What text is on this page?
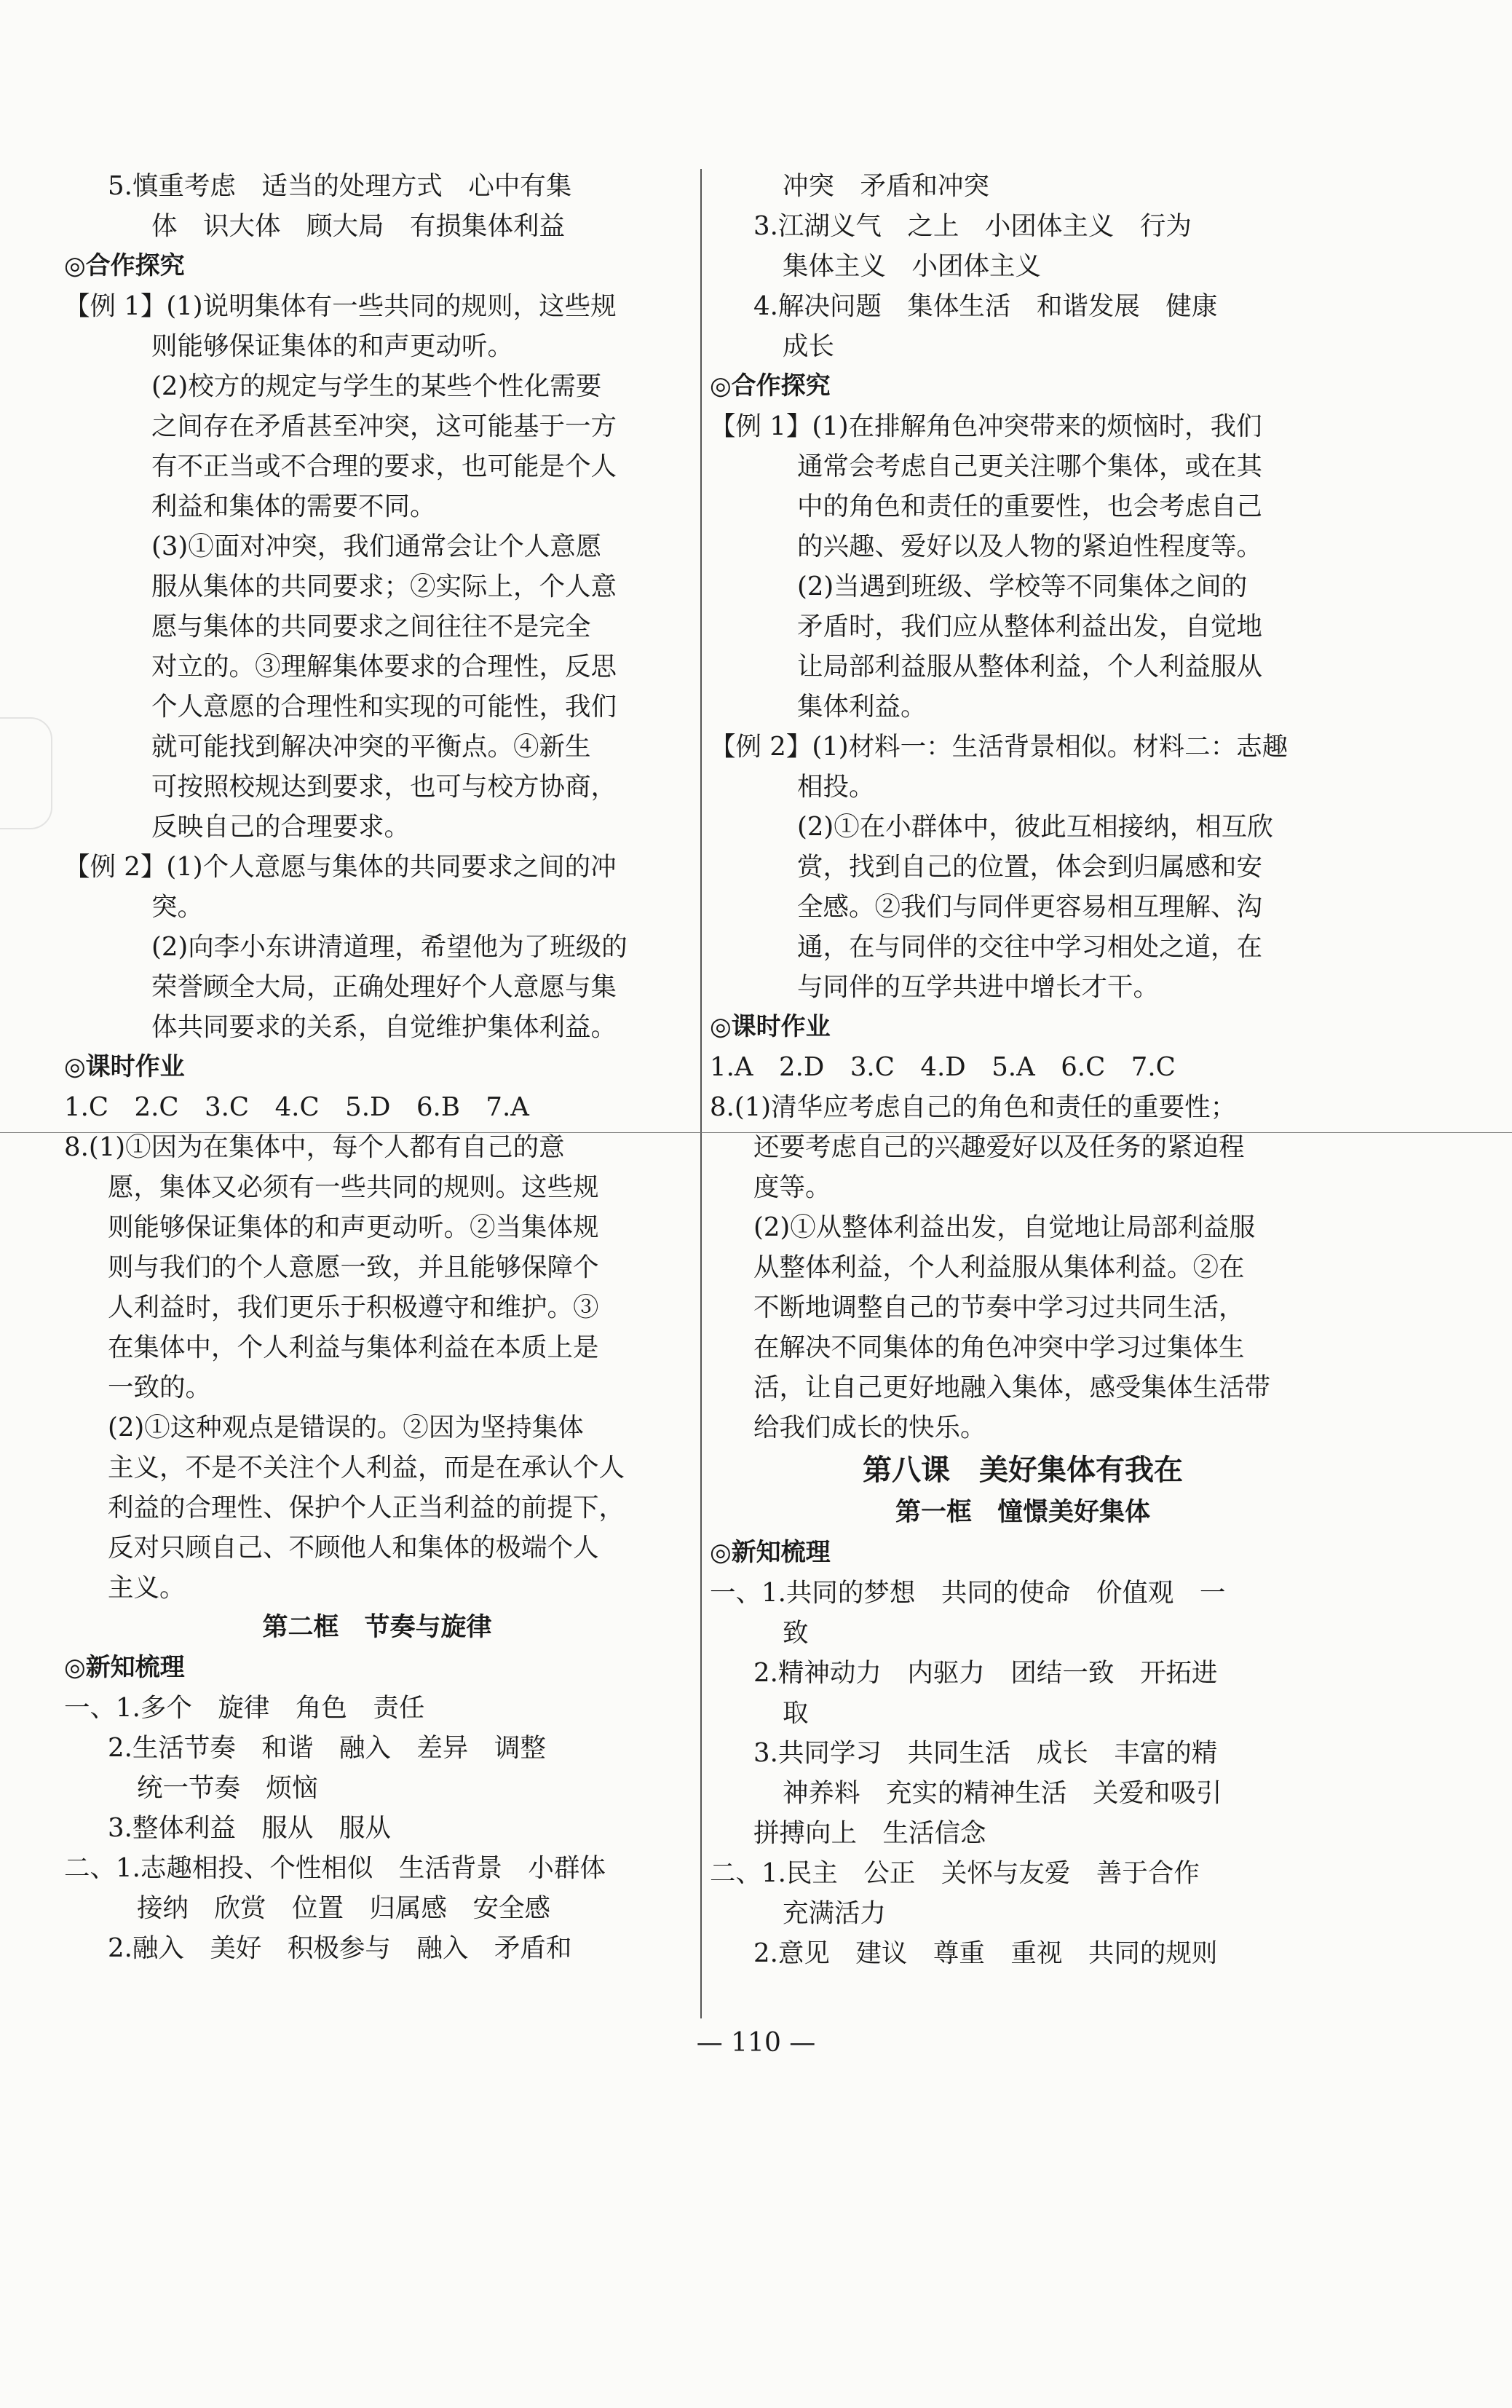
5.慎重考虑　适当的处理方式　心中有集
体　识大体　顾大局　有损集体利益

◎合作探究

【例 1】(1)说明集体有一些共同的规则，这些规
则能够保证集体的和声更动听。
(2)校方的规定与学生的某些个性化需要
之间存在矛盾甚至冲突，这可能基于一方
有不正当或不合理的要求，也可能是个人
利益和集体的需要不同。
(3)①面对冲突，我们通常会让个人意愿
服从集体的共同要求；②实际上，个人意
愿与集体的共同要求之间往往不是完全
对立的。③理解集体要求的合理性，反思
个人意愿的合理性和实现的可能性，我们
就可能找到解决冲突的平衡点。④新生
可按照校规达到要求，也可与校方协商，
反映自己的合理要求。
【例 2】(1)个人意愿与集体的共同要求之间的冲
突。
(2)向李小东讲清道理，希望他为了班级的
荣誉顾全大局，正确处理好个人意愿与集
体共同要求的关系，自觉维护集体利益。

◎课时作业

1.C　2.C　3.C　4.C　5.D　6.B　7.A

8.(1)①因为在集体中，每个人都有自己的意
愿，集体又必须有一些共同的规则。这些规
则能够保证集体的和声更动听。②当集体规
则与我们的个人意愿一致，并且能够保障个
人利益时，我们更乐于积极遵守和维护。③
在集体中，个人利益与集体利益在本质上是
一致的。
(2)①这种观点是错误的。②因为坚持集体
主义，不是不关注个人利益，而是在承认个人
利益的合理性、保护个人正当利益的前提下，
反对只顾自己、不顾他人和集体的极端个人
主义。

第二框　节奏与旋律

◎新知梳理

一、1.多个　旋律　角色　责任

2.生活节奏　和谐　融入　差异　调整
统一节奏　烦恼
3.整体利益　服从　服从

二、1.志趣相投、个性相似　生活背景　小群体

接纳　欣赏　位置　归属感　安全感
2.融入　美好　积极参与　融入　矛盾和
冲突　矛盾和冲突
3.江湖义气　之上　小团体主义　行为
集体主义　小团体主义
4.解决问题　集体生活　和谐发展　健康
成长

◎合作探究

【例 1】(1)在排解角色冲突带来的烦恼时，我们
通常会考虑自己更关注哪个集体，或在其
中的角色和责任的重要性，也会考虑自己
的兴趣、爱好以及人物的紧迫性程度等。
(2)当遇到班级、学校等不同集体之间的
矛盾时，我们应从整体利益出发，自觉地
让局部利益服从整体利益，个人利益服从
集体利益。
【例 2】(1)材料一：生活背景相似。材料二：志趣
相投。
(2)①在小群体中，彼此互相接纳，相互欣
赏，找到自己的位置，体会到归属感和安
全感。②我们与同伴更容易相互理解、沟
通，在与同伴的交往中学习相处之道，在
与同伴的互学共进中增长才干。

◎课时作业

1.A　2.D　3.C　4.D　5.A　6.C　7.C

8.(1)清华应考虑自己的角色和责任的重要性；
还要考虑自己的兴趣爱好以及任务的紧迫程
度等。
(2)①从整体利益出发，自觉地让局部利益服
从整体利益，个人利益服从集体利益。②在
不断地调整自己的节奏中学习过共同生活，
在解决不同集体的角色冲突中学习过集体生
活，让自己更好地融入集体，感受集体生活带
给我们成长的快乐。

第八课　美好集体有我在

第一框　憧憬美好集体

◎新知梳理

一、1.共同的梦想　共同的使命　价值观　一

致
2.精神动力　内驱力　团结一致　开拓进
取
3.共同学习　共同生活　成长　丰富的精
神养料　充实的精神生活　关爱和吸引
拼搏向上　生活信念

二、1.民主　公正　关怀与友爱　善于合作

充满活力
2.意见　建议　尊重　重视　共同的规则
— 110 —
